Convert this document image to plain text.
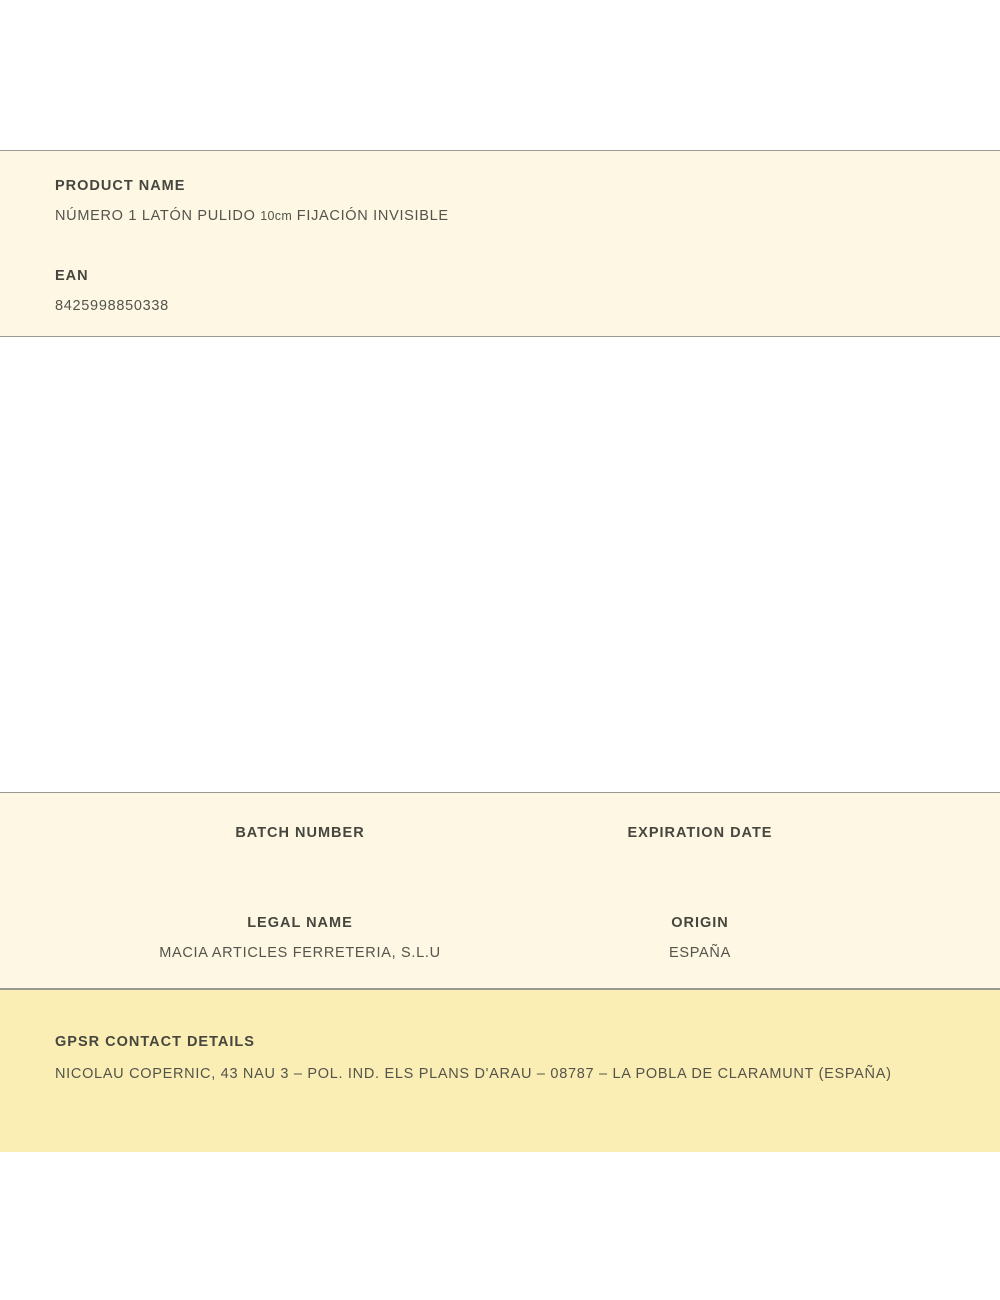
PRODUCT NAME
NÚMERO 1 LATÓN PULIDO 10cm FIJACIÓN INVISIBLE
EAN
8425998850338
BATCH NUMBER	EXPIRATION DATE
LEGAL NAME	ORIGIN
MACIA ARTICLES FERRETERIA, S.L.U	ESPAÑA
GPSR CONTACT DETAILS
NICOLAU COPERNIC, 43 NAU 3 – POL. IND. ELS PLANS D'ARAU – 08787 – LA POBLA DE CLARAMUNT (ESPAÑA)
